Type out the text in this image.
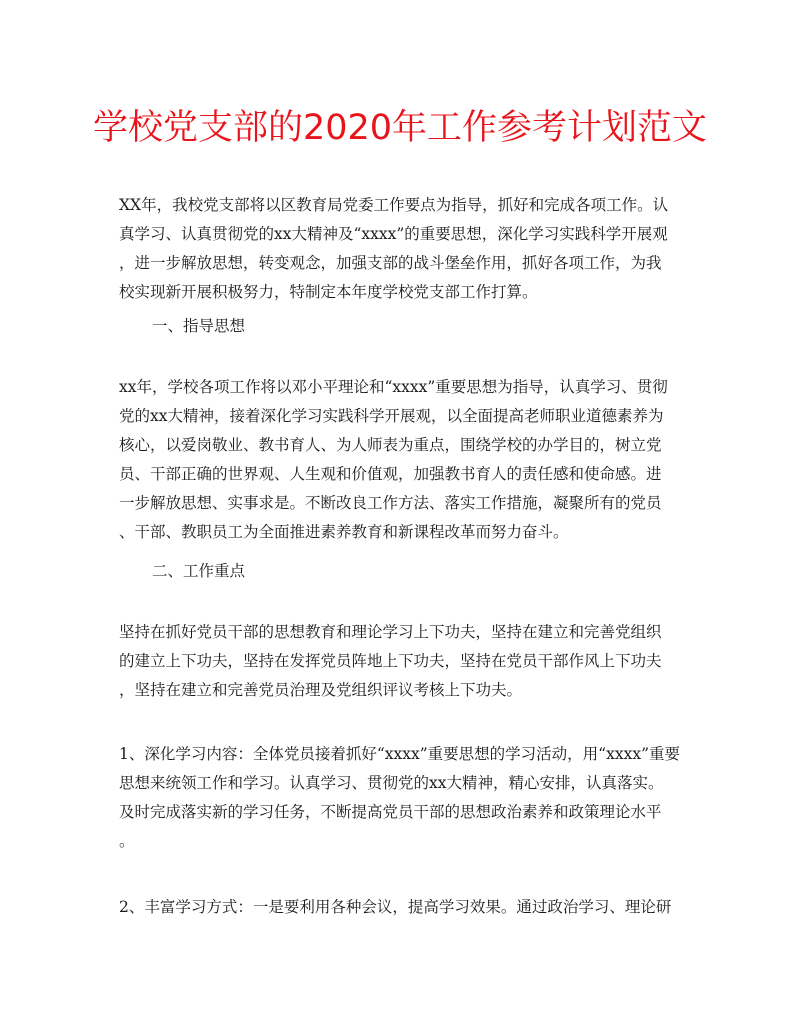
学校党支部的2020年工作参考计划范文
XX年，我校党支部将以区教育局党委工作要点为指导，抓好和完成各项工作。认
真学习、认真贯彻党的xx大精神及“xxxx”的重要思想，深化学习实践科学开展观
，进一步解放思想，转变观念，加强支部的战斗堡垒作用，抓好各项工作，为我
校实现新开展积极努力，特制定本年度学校党支部工作打算。
一、指导思想
xx年，学校各项工作将以邓小平理论和“xxxx”重要思想为指导，认真学习、贯彻
党的xx大精神，接着深化学习实践科学开展观，以全面提高老师职业道德素养为
核心，以爱岗敬业、教书育人、为人师表为重点，围绕学校的办学目的，树立党
员、干部正确的世界观、人生观和价值观，加强教书育人的责任感和使命感。进
一步解放思想、实事求是。不断改良工作方法、落实工作措施，凝聚所有的党员
、干部、教职员工为全面推进素养教育和新课程改革而努力奋斗。
二、工作重点
坚持在抓好党员干部的思想教育和理论学习上下功夫，坚持在建立和完善党组织
的建立上下功夫，坚持在发挥党员阵地上下功夫，坚持在党员干部作风上下功夫
，坚持在建立和完善党员治理及党组织评议考核上下功夫。
1、深化学习内容：全体党员接着抓好“xxxx”重要思想的学习活动，用“xxxx”重要
思想来统领工作和学习。认真学习、贯彻党的xx大精神，精心安排，认真落实。
及时完成落实新的学习任务，不断提高党员干部的思想政治素养和政策理论水平
。
2、丰富学习方式：一是要利用各种会议，提高学习效果。通过政治学习、理论研
